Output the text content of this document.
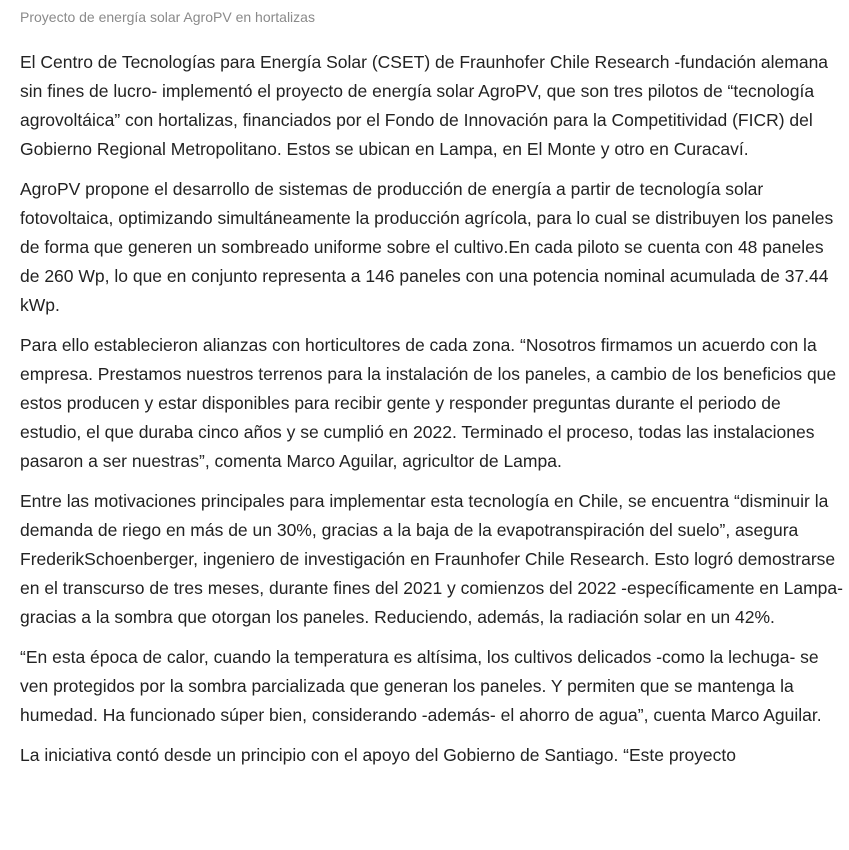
Proyecto de energía solar AgroPV en hortalizas

El Centro de Tecnologías para Energía Solar (CSET) de Fraunhofer Chile Research -fundación alemana sin fines de lucro- implementó el proyecto de energía solar AgroPV, que son tres pilotos de “tecnología agrovoltáica” con hortalizas, financiados por el Fondo de Innovación para la Competitividad (FICR) del Gobierno Regional Metropolitano. Estos se ubican en Lampa, en El Monte y otro en Curacaví.

AgroPV propone el desarrollo de sistemas de producción de energía a partir de tecnología solar fotovoltaica, optimizando simultáneamente la producción agrícola, para lo cual se distribuyen los paneles de forma que generen un sombreado uniforme sobre el cultivo.En cada piloto se cuenta con 48 paneles de 260 Wp, lo que en conjunto representa a 146 paneles con una potencia nominal acumulada de 37.44 kWp.

Para ello establecieron alianzas con horticultores de cada zona. “Nosotros firmamos un acuerdo con la empresa. Prestamos nuestros terrenos para la instalación de los paneles, a cambio de los beneficios que estos producen y estar disponibles para recibir gente y responder preguntas durante el periodo de estudio, el que duraba cinco años y se cumplió en 2022. Terminado el proceso, todas las instalaciones pasaron a ser nuestras”, comenta Marco Aguilar, agricultor de Lampa.

Entre las motivaciones principales para implementar esta tecnología en Chile, se encuentra “disminuir la demanda de riego en más de un 30%, gracias a la baja de la evapotranspiración del suelo”, asegura FrederikSchoenberger, ingeniero de investigación en Fraunhofer Chile Research. Esto logró demostrarse en el transcurso de tres meses, durante fines del 2021 y comienzos del 2022 -específicamente en Lampa- gracias a la sombra que otorgan los paneles. Reduciendo, además, la radiación solar en un 42%.

“En esta época de calor, cuando la temperatura es altísima, los cultivos delicados -como la lechuga- se ven protegidos por la sombra parcializada que generan los paneles. Y permiten que se mantenga la humedad. Ha funcionado súper bien, considerando -además- el ahorro de agua”, cuenta Marco Aguilar.

La iniciativa contó desde un principio con el apoyo del Gobierno de Santiago. “Este proyecto
